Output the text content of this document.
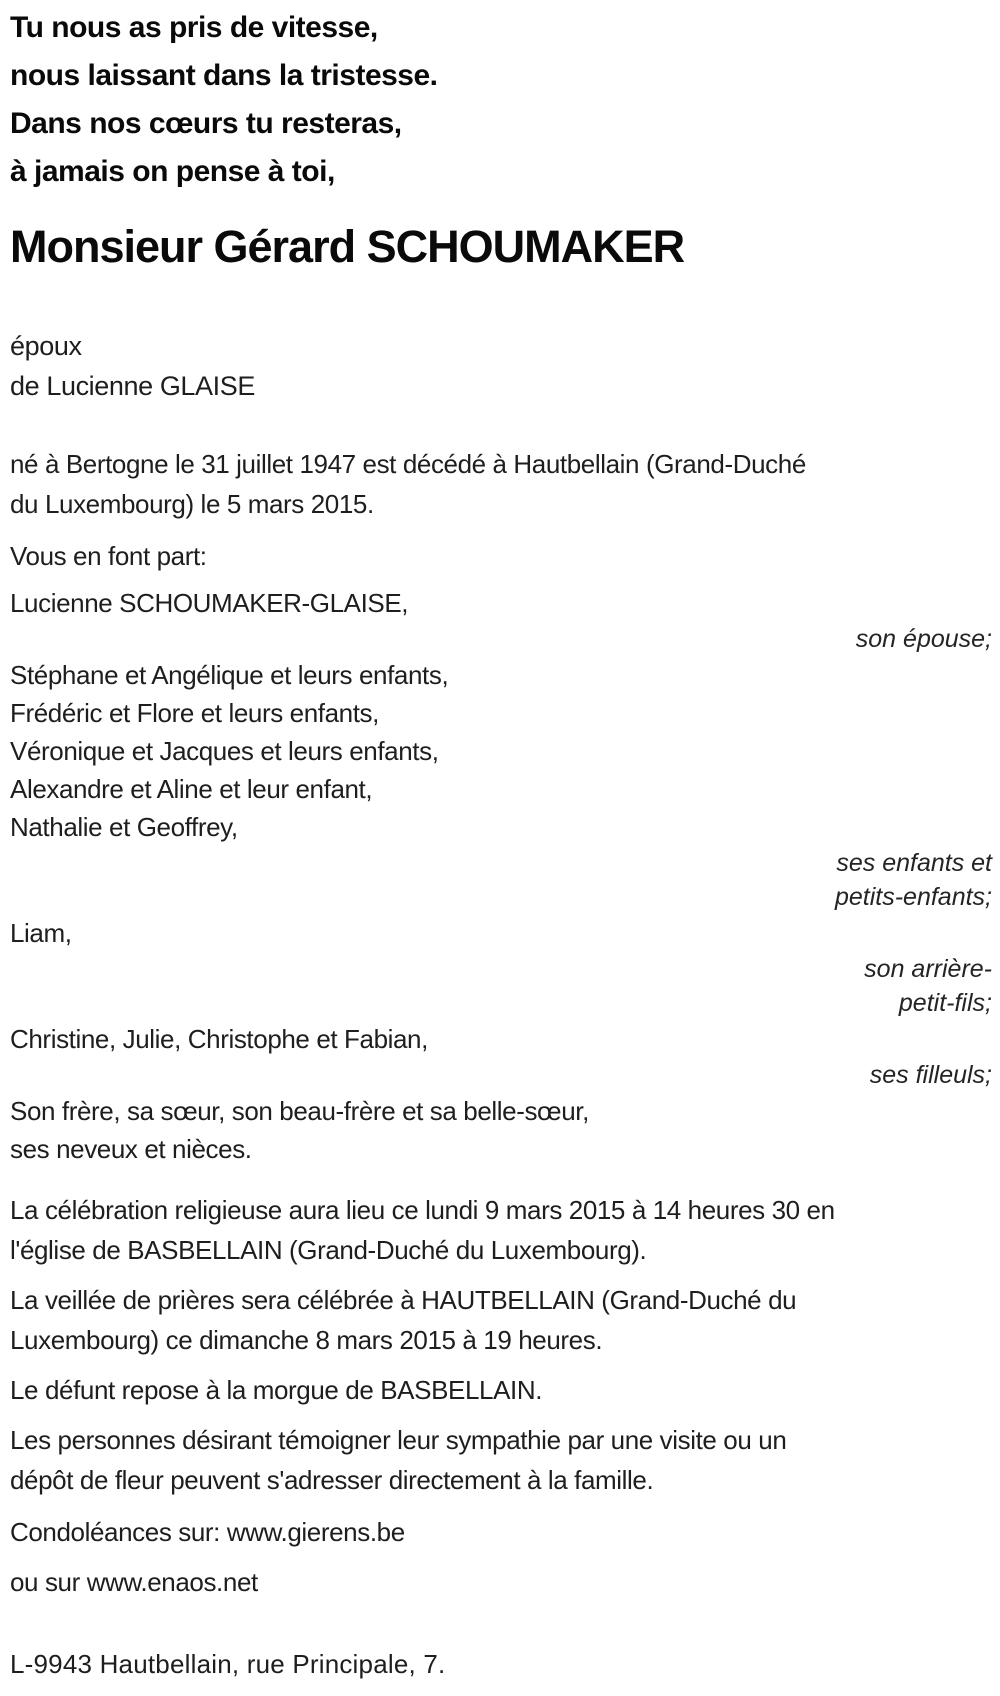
Tu nous as pris de vitesse,
nous laissant dans la tristesse.
Dans nos cœurs tu resteras,
à jamais on pense à toi,
Monsieur Gérard SCHOUMAKER
époux
de Lucienne GLAISE
né à Bertogne le 31 juillet 1947 est décédé à Hautbellain (Grand-Duché
du Luxembourg) le 5 mars 2015.
Vous en font part:
Lucienne SCHOUMAKER-GLAISE,
son épouse;
Stéphane et Angélique et leurs enfants,
Frédéric et Flore et leurs enfants,
Véronique et Jacques et leurs enfants,
Alexandre et Aline et leur enfant,
Nathalie et Geoffrey,
ses enfants et
petits-enfants;
Liam,
son arrière-
petit-fils;
Christine, Julie, Christophe et Fabian,
ses filleuls;
Son frère, sa sœur, son beau-frère et sa belle-sœur,
ses neveux et nièces.
La célébration religieuse aura lieu ce lundi 9 mars 2015 à 14 heures 30 en
l'église de BASBELLAIN (Grand-Duché du Luxembourg).
La veillée de prières sera célébrée à HAUTBELLAIN (Grand-Duché du
Luxembourg) ce dimanche 8 mars 2015 à 19 heures.
Le défunt repose à la morgue de BASBELLAIN.
Les personnes désirant témoigner leur sympathie par une visite ou un
dépôt de fleur peuvent s'adresser directement à la famille.
Condoléances sur: www.gierens.be
ou sur www.enaos.net
L-9943 Hautbellain, rue Principale, 7.
